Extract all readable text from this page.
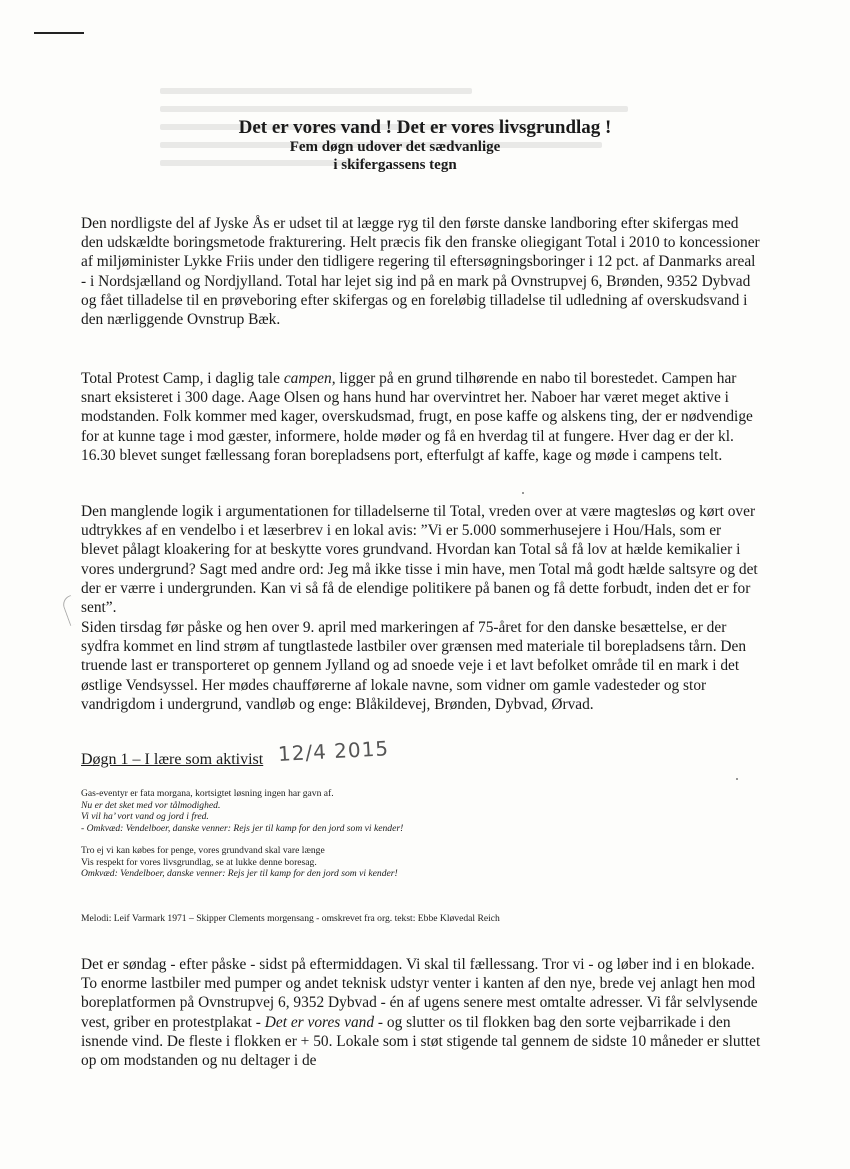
Det er vores vand ! Det er vores livsgrundlag !

Fem døgn udover det sædvanlige

i skifergassens tegn

Den nordligste del af Jyske Ås er udset til at lægge ryg til den første danske landboring efter skifergas med den udskældte boringsmetode frakturering. Helt præcis fik den franske oliegigant Total i 2010 to koncessioner af miljøminister Lykke Friis under den tidligere regering til eftersøgningsboringer i 12 pct. af Danmarks areal - i Nordsjælland og Nordjylland. Total har lejet sig ind på en mark på Ovnstrupvej 6, Brønden, 9352 Dybvad og fået tilladelse til en prøveboring efter skifergas og en foreløbig tilladelse til udledning af overskudsvand i den nærliggende Ovnstrup Bæk.

Total Protest Camp, i daglig tale campen, ligger på en grund tilhørende en nabo til borestedet. Campen har snart eksisteret i 300 dage. Aage Olsen og hans hund har overvintret her. Naboer har været meget aktive i modstanden. Folk kommer med kager, overskudsmad, frugt, en pose kaffe og alskens ting, der er nødvendige for at kunne tage i mod gæster, informere, holde møder og få en hverdag til at fungere. Hver dag er der kl. 16.30 blevet sunget fællessang foran borepladsens port, efterfulgt af kaffe, kage og møde i campens telt.

Den manglende logik i argumentationen for tilladelserne til Total, vreden over at være magtesløs og kørt over udtrykkes af en vendelbo i et læserbrev i en lokal avis: ”Vi er 5.000 sommerhusejere i Hou/Hals, som er blevet pålagt kloakering for at beskytte vores grundvand. Hvordan kan Total så få lov at hælde kemikalier i vores undergrund? Sagt med andre ord: Jeg må ikke tisse i min have, men Total må godt hælde saltsyre og det der er værre i undergrunden. Kan vi så få de elendige politikere på banen og få dette forbudt, inden det er for sent”.

Siden tirsdag før påske og hen over 9. april med markeringen af 75-året for den danske besættelse, er der sydfra kommet en lind strøm af tungtlastede lastbiler over grænsen med materiale til borepladsens tårn. Den truende last er transporteret op gennem Jylland og ad snoede veje i et lavt befolket område til en mark i det østlige Vendsyssel. Her mødes chaufførerne af lokale navne, som vidner om gamle vadesteder og stor vandrigdom i undergrund, vandløb og enge: Blåkildevej, Brønden, Dybvad, Ørvad.

Døgn 1 – I lære som aktivist 12/4 2015
Gas-eventyr er fata morgana, kortsigtet løsning ingen har gavn af.
Nu er det sket med vor tålmodighed.
Vi vil ha’ vort vand og jord i fred.
- Omkvæd: Vendelboer, danske venner: Rejs jer til kamp for den jord som vi kender!
Tro ej vi kan købes for penge, vores grundvand skal vare længe
Vis respekt for vores livsgrundlag, se at lukke denne boresag.
Omkvæd: Vendelboer, danske venner: Rejs jer til kamp for den jord som vi kender!
Melodi: Leif Varmark 1971 – Skipper Clements morgensang - omskrevet fra org. tekst: Ebbe Kløvedal Reich

Det er søndag - efter påske - sidst på eftermiddagen. Vi skal til fællessang. Tror vi - og løber ind i en blokade. To enorme lastbiler med pumper og andet teknisk udstyr venter i kanten af den nye, brede vej anlagt hen mod boreplatformen på Ovnstrupvej 6, 9352 Dybvad - én af ugens senere mest omtalte adresser. Vi får selvlysende vest, griber en protestplakat - Det er vores vand - og slutter os til flokken bag den sorte vejbarrikade i den isnende vind. De fleste i flokken er + 50. Lokale som i støt stigende tal gennem de sidste 10 måneder er sluttet op om modstanden og nu deltager i de
